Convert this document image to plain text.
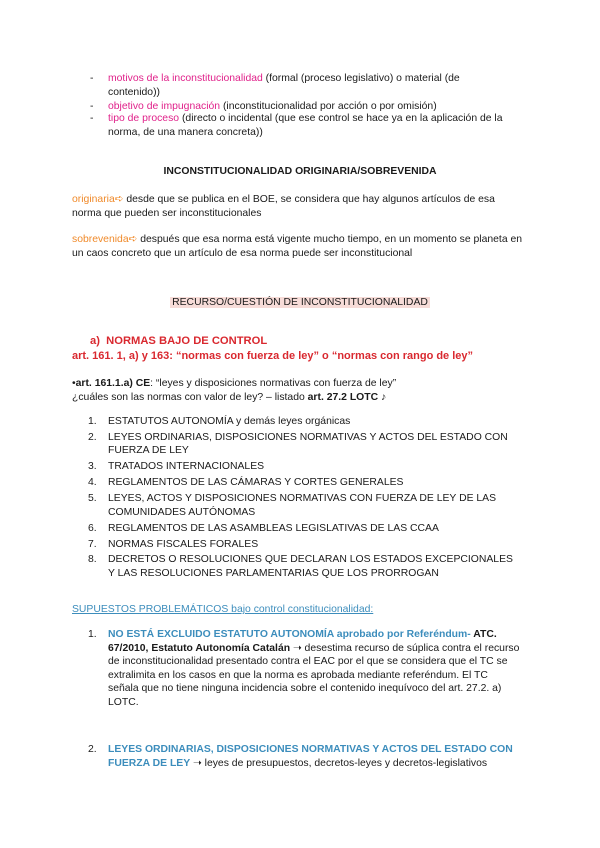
- motivos de la inconstitucionalidad (formal (proceso legislativo) o material (de contenido))
- objetivo de impugnación (inconstitucionalidad por acción o por omisión)
- tipo de proceso (directo o incidental (que ese control se hace ya en la aplicación de la norma, de una manera concreta))
INCONSTITUCIONALIDAD ORIGINARIA/SOBREVENIDA
originaria➪ desde que se publica en el BOE, se considera que hay algunos artículos de esa norma que pueden ser inconstitucionales
sobrevenida➪ después que esa norma está vigente mucho tiempo, en un momento se planeta en un caos concreto que un artículo de esa norma puede ser inconstitucional
RECURSO/CUESTIÓN DE INCONSTITUCIONALIDAD
a) NORMAS BAJO DE CONTROL
art. 161. 1, a) y 163: “normas con fuerza de ley” o “normas con rango de ley”
•art. 161.1.a) CE: “leyes y disposiciones normativas con fuerza de ley”
¿cuáles son las normas con valor de ley? – listado art. 27.2 LOTC ♪
1. ESTATUTOS AUTONOMÍA y demás leyes orgánicas
2. LEYES ORDINARIAS, DISPOSICIONES NORMATIVAS Y ACTOS DEL ESTADO CON FUERZA DE LEY
3. TRATADOS INTERNACIONALES
4. REGLAMENTOS DE LAS CÁMARAS Y CORTES GENERALES
5. LEYES, ACTOS Y DISPOSICIONES NORMATIVAS CON FUERZA DE LEY DE LAS COMUNIDADES AUTÓNOMAS
6. REGLAMENTOS DE LAS ASAMBLEAS LEGISLATIVAS DE LAS CCAA
7. NORMAS FISCALES FORALES
8. DECRETOS O RESOLUCIONES QUE DECLARAN LOS ESTADOS EXCEPCIONALES Y LAS RESOLUCIONES PARLAMENTARIAS QUE LOS PRORROGAN
SUPUESTOS PROBLEMÁTICOS bajo control constitucionalidad:
1. NO ESTÁ EXCLUIDO ESTATUTO AUTONOMÍA aprobado por Referéndum- ATC. 67/2010, Estatuto Autonomía Catalán ➝ desestima recurso de súplica contra el recurso de inconstitucionalidad presentado contra el EAC por el que se considera que el TC se extralimita en los casos en que la norma es aprobada mediante referéndum. El TC señala que no tiene ninguna incidencia sobre el contenido inequívoco del art. 27.2. a) LOTC.
2. LEYES ORDINARIAS, DISPOSICIONES NORMATIVAS Y ACTOS DEL ESTADO CON FUERZA DE LEY ➝ leyes de presupuestos, decretos-leyes y decretos-legislativos
